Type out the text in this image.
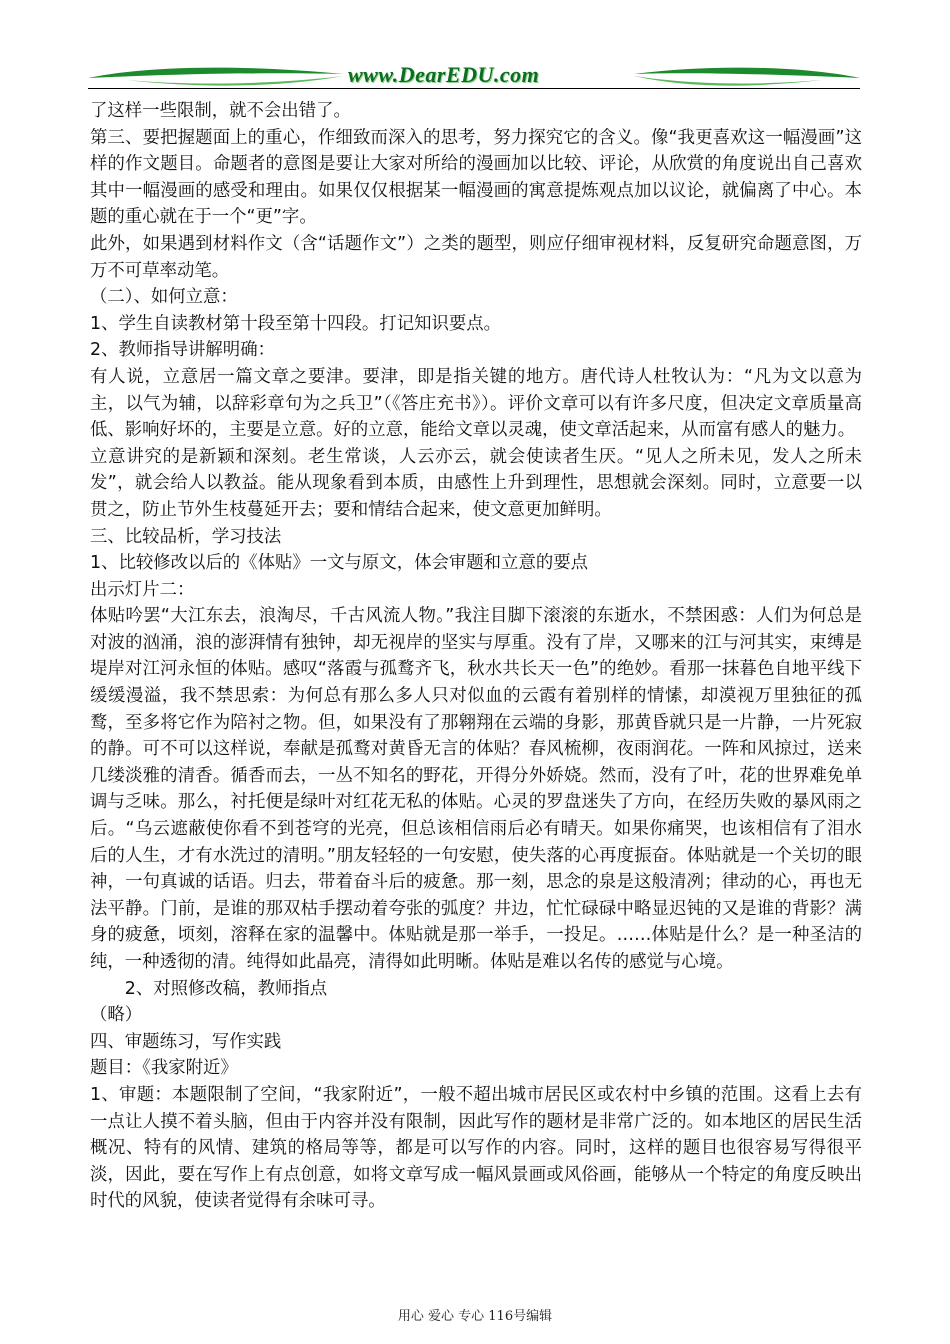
www.DearEDU.com

了这样一些限制，就不会出错了。

第三、要把握题面上的重心，作细致而深入的思考，努力探究它的含义。像“我更喜欢这一幅漫画”这样的作文题目。命题者的意图是要让大家对所给的漫画加以比较、评论，从欣赏的角度说出自己喜欢其中一幅漫画的感受和理由。如果仅仅根据某一幅漫画的寓意提炼观点加以议论，就偏离了中心。本题的重心就在于一个“更”字。

此外，如果遇到材料作文（含“话题作文”）之类的题型，则应仔细审视材料，反复研究命题意图，万万不可草率动笔。

（二）、如何立意：

1、学生自读教材第十段至第十四段。打记知识要点。

2、教师指导讲解明确：

有人说，立意居一篇文章之要津。要津，即是指关键的地方。唐代诗人杜牧认为：“凡为文以意为主，以气为辅，以辞彩章句为之兵卫”（《答庄充书》）。评价文章可以有许多尺度，但决定文章质量高低、影响好坏的，主要是立意。好的立意，能给文章以灵魂，使文章活起来，从而富有感人的魅力。

立意讲究的是新颖和深刻。老生常谈，人云亦云，就会使读者生厌。“见人之所未见，发人之所未发”，就会给人以教益。能从现象看到本质，由感性上升到理性，思想就会深刻。同时，立意要一以贯之，防止节外生枝蔓延开去；要和情结合起来，使文意更加鲜明。

三、比较品析，学习技法

1、比较修改以后的《体贴》一文与原文，体会审题和立意的要点

出示灯片二：

体贴吟罢“大江东去，浪淘尽，千古风流人物。”我注目脚下滚滚的东逝水，不禁困惑：人们为何总是对波的汹涌，浪的澎湃情有独钟，却无视岸的坚实与厚重。没有了岸，又哪来的江与河其实，束缚是堤岸对江河永恒的体贴。感叹“落霞与孤鹜齐飞，秋水共长天一色”的绝妙。看那一抹暮色自地平线下缓缓漫溢，我不禁思索：为何总有那么多人只对似血的云霞有着别样的情愫，却漠视万里独征的孤鹜，至多将它作为陪衬之物。但，如果没有了那翱翔在云端的身影，那黄昏就只是一片静，一片死寂的静。可不可以这样说，奉献是孤鹜对黄昏无言的体贴？春风梳柳，夜雨润花。一阵和风掠过，送来几缕淡雅的清香。循香而去，一丛不知名的野花，开得分外娇娆。然而，没有了叶，花的世界难免单调与乏味。那么，衬托便是绿叶对红花无私的体贴。心灵的罗盘迷失了方向，在经历失败的暴风雨之后。“乌云遮蔽使你看不到苍穹的光亮，但总该相信雨后必有晴天。如果你痛哭，也该相信有了泪水后的人生，才有水洗过的清明。”朋友轻轻的一句安慰，使失落的心再度振奋。体贴就是一个关切的眼神，一句真诚的话语。归去，带着奋斗后的疲惫。那一刻，思念的泉是这般清冽；律动的心，再也无法平静。门前，是谁的那双枯手摆动着夸张的弧度？井边，忙忙碌碌中略显迟钝的又是谁的背影？满身的疲惫，顷刻，溶释在家的温馨中。体贴就是那一举手，一投足。……体贴是什么？是一种圣洁的纯，一种透彻的清。纯得如此晶亮，清得如此明晰。体贴是难以名传的感觉与心境。

　　2、对照修改稿，教师指点

（略）

四、审题练习，写作实践

题目：《我家附近》

1、审题：本题限制了空间，“我家附近”，一般不超出城市居民区或农村中乡镇的范围。这看上去有一点让人摸不着头脑，但由于内容并没有限制，因此写作的题材是非常广泛的。如本地区的居民生活概况、特有的风情、建筑的格局等等，都是可以写作的内容。同时，这样的题目也很容易写得很平淡，因此，要在写作上有点创意，如将文章写成一幅风景画或风俗画，能够从一个特定的角度反映出时代的风貌，使读者觉得有余味可寻。

用心 爱心 专心 116号编辑
